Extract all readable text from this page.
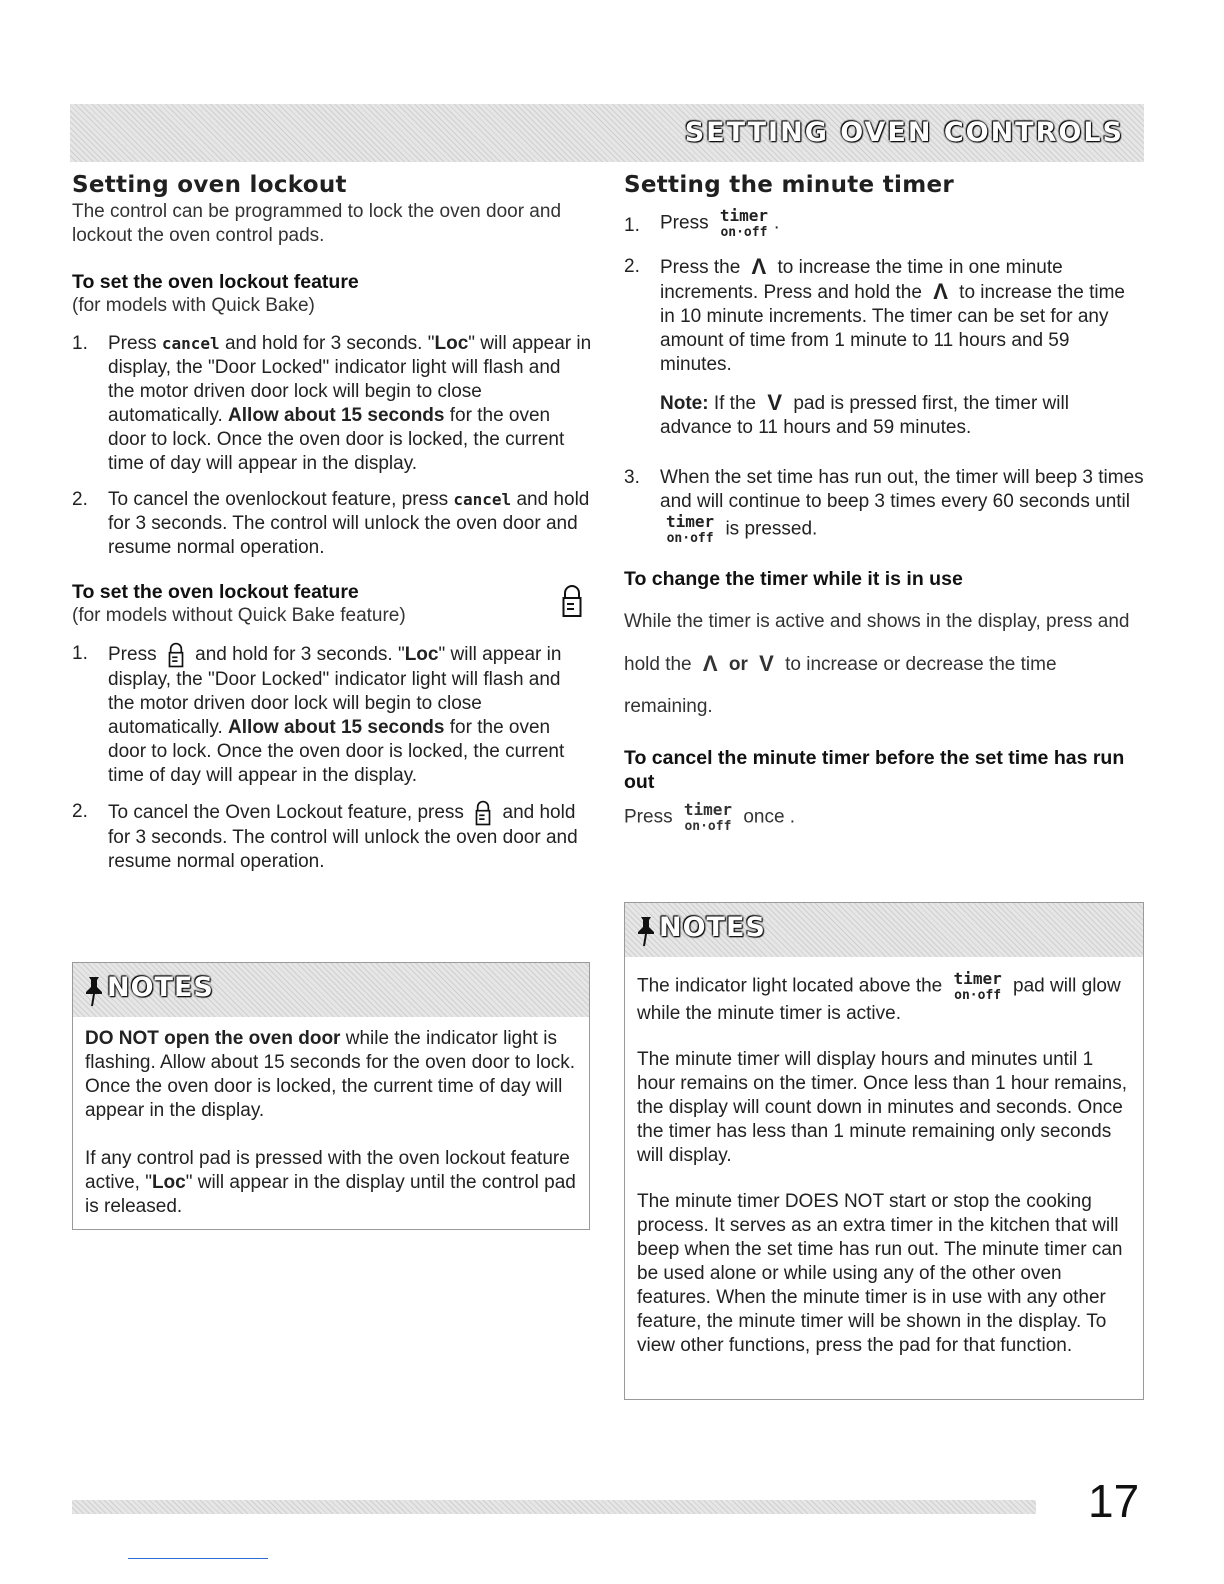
SETTING OVEN CONTROLS
Setting oven lockout

The control can be programmed to lock the oven door and lockout the oven control pads.

To set the oven lockout feature

(for models with Quick Bake)

1. Press cancel and hold for 3 seconds. "Loc" will appear in display, the "Door Locked" indicator light will flash and the motor driven door lock will begin to close automatically. Allow about 15 seconds for the oven door to lock. Once the oven door is locked, the current time of day will appear in the display.
2. To cancel the ovenlockout feature, press cancel and hold for 3 seconds. The control will unlock the oven door and resume normal operation.
To set the oven lockout feature

(for models without Quick Bake feature)

1. Press and hold for 3 seconds. "Loc" will appear in display, the "Door Locked" indicator light will flash and the motor driven door lock will begin to close automatically. Allow about 15 seconds for the oven door to lock. Once the oven door is locked, the current time of day will appear in the display.
2. To cancel the Oven Lockout feature, press and hold for 3 seconds. The control will unlock the oven door and resume normal operation.
NOTES

DO NOT open the oven door while the indicator light is flashing. Allow about 15 seconds for the oven door to lock. Once the oven door is locked, the current time of day will appear in the display.

If any control pad is pressed with the oven lockout feature active, "Loc" will appear in the display until the control pad is released.

Setting the minute timer
1. Press timer
on·off .
2. Press the Λ to increase the time in one minute increments. Press and hold the Λ to increase the time in 10 minute increments. The timer can be set for any amount of time from 1 minute to 11 hours and 59 minutes.
Note: If the V pad is pressed first, the timer will advance to 11 hours and 59 minutes.
3. When the set time has run out, the timer will beep 3 times and will continue to beep 3 times every 60 seconds until
timer
on·off is pressed.
To change the timer while it is in use

While the timer is active and shows in the display, press and hold the Λ or V to increase or decrease the time remaining.

To cancel the minute timer before the set time has run out

Press timer
on·off once .

NOTES

The indicator light located above the timer
on·off pad will glow while the minute timer is active.

The minute timer will display hours and minutes until 1 hour remains on the timer. Once less than 1 hour remains, the display will count down in minutes and seconds. Once the timer has less than 1 minute remaining only seconds will display.

The minute timer DOES NOT start or stop the cooking process. It serves as an extra timer in the kitchen that will beep when the set time has run out. The minute timer can be used alone or while using any of the other oven features. When the minute timer is in use with any other feature, the minute timer will be shown in the display. To view other functions, press the pad for that function.

17
